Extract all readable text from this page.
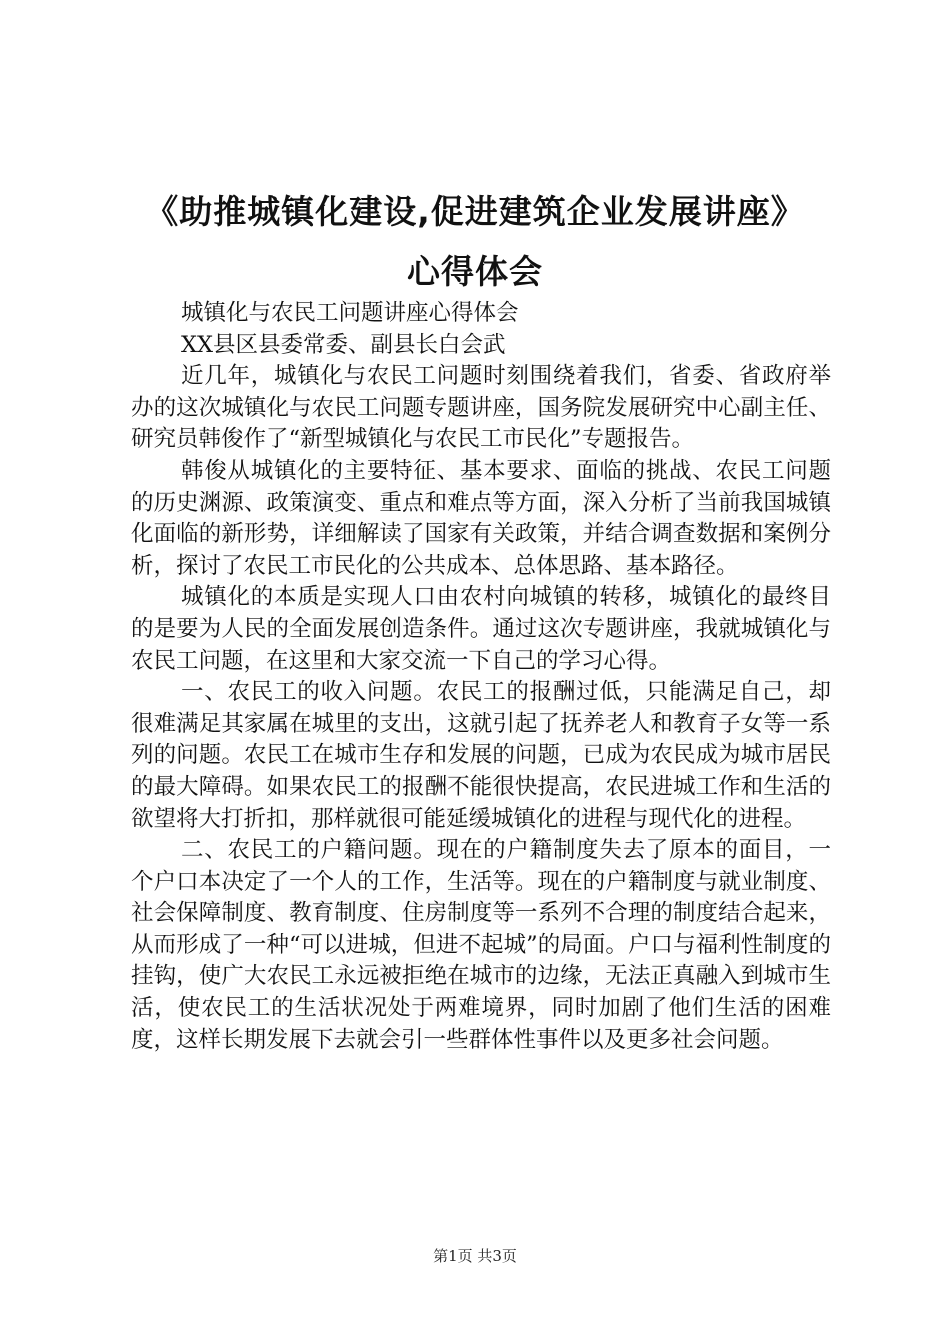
《助推城镇化建设,促进建筑企业发展讲座》
心得体会

城镇化与农民工问题讲座心得体会

XX县区县委常委、副县长白会武

近几年，城镇化与农民工问题时刻围绕着我们，省委、省政府举办的这次城镇化与农民工问题专题讲座，国务院发展研究中心副主任、研究员韩俊作了“新型城镇化与农民工市民化”专题报告。

韩俊从城镇化的主要特征、基本要求、面临的挑战、农民工问题的历史渊源、政策演变、重点和难点等方面，深入分析了当前我国城镇化面临的新形势，详细解读了国家有关政策，并结合调查数据和案例分析，探讨了农民工市民化的公共成本、总体思路、基本路径。

城镇化的本质是实现人口由农村向城镇的转移，城镇化的最终目的是要为人民的全面发展创造条件。通过这次专题讲座，我就城镇化与农民工问题，在这里和大家交流一下自己的学习心得。

一、农民工的收入问题。农民工的报酬过低，只能满足自己，却很难满足其家属在城里的支出，这就引起了抚养老人和教育子女等一系列的问题。农民工在城市生存和发展的问题，已成为农民成为城市居民的最大障碍。如果农民工的报酬不能很快提高，农民进城工作和生活的欲望将大打折扣，那样就很可能延缓城镇化的进程与现代化的进程。

二、农民工的户籍问题。现在的户籍制度失去了原本的面目，一个户口本决定了一个人的工作，生活等。现在的户籍制度与就业制度、社会保障制度、教育制度、住房制度等一系列不合理的制度结合起来，从而形成了一种“可以进城，但进不起城”的局面。户口与福利性制度的挂钩，使广大农民工永远被拒绝在城市的边缘，无法正真融入到城市生活，使农民工的生活状况处于两难境界，同时加剧了他们生活的困难度，这样长期发展下去就会引一些群体性事件以及更多社会问题。

第1页 共3页
